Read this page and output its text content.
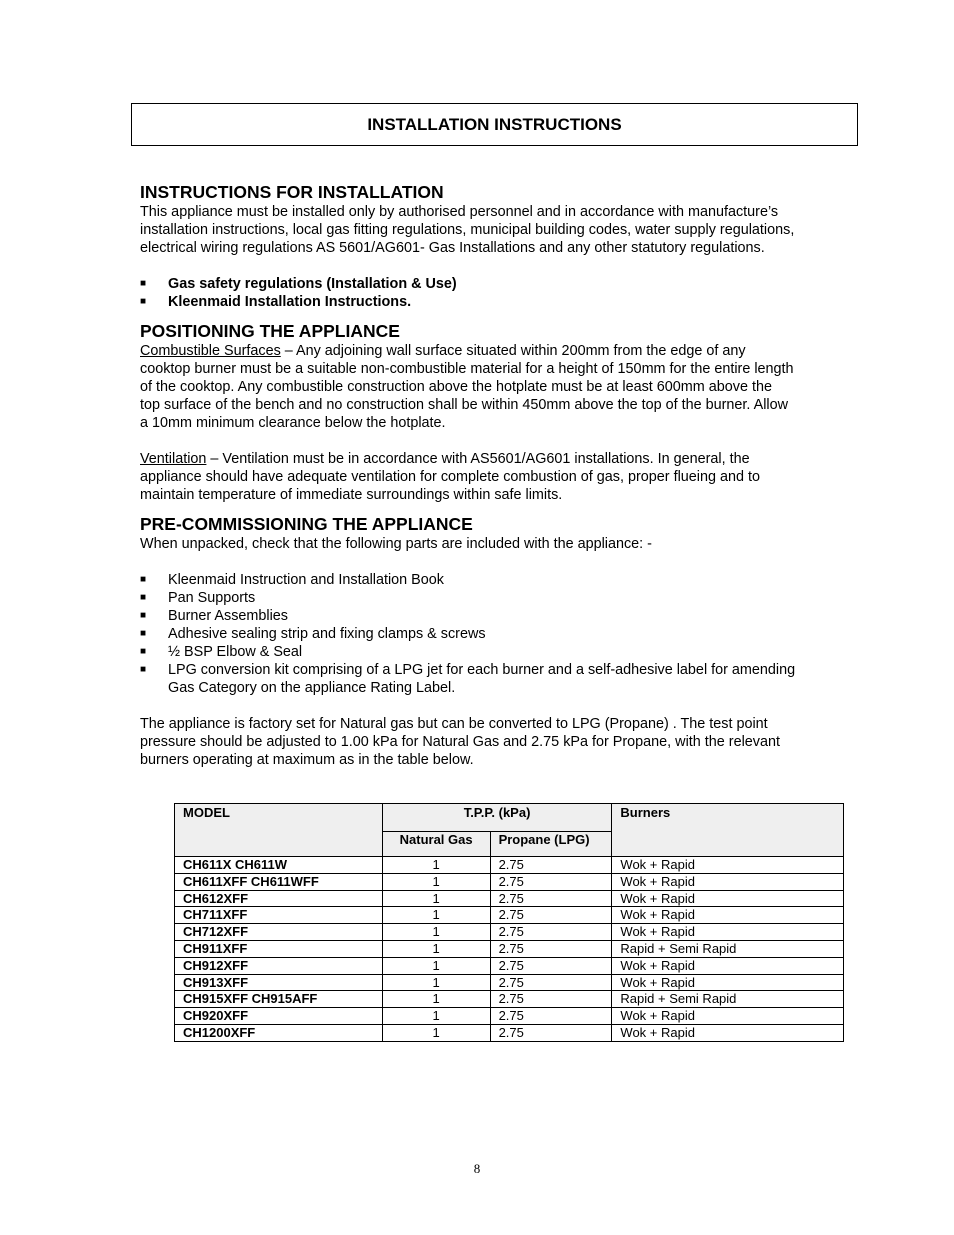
INSTALLATION INSTRUCTIONS
INSTRUCTIONS FOR INSTALLATION

This appliance must be installed only by authorised personnel and in accordance with manufacture’s
installation instructions, local gas fitting regulations, municipal building codes, water supply regulations,
electrical wiring regulations AS 5601/AG601- Gas Installations and any other statutory regulations.

■ Gas safety regulations (Installation & Use)
■ Kleenmaid Installation Instructions.
POSITIONING THE APPLIANCE

Combustible Surfaces – Any adjoining wall surface situated within 200mm from the edge of any
cooktop burner must be a suitable non-combustible material for a height of 150mm for the entire length
of the cooktop. Any combustible construction above the hotplate must be at least 600mm above the
top surface of the bench and no construction shall be within 450mm above the top of the burner. Allow
a 10mm minimum clearance below the hotplate.

Ventilation – Ventilation must be in accordance with AS5601/AG601 installations. In general, the
appliance should have adequate ventilation for complete combustion of gas, proper flueing and to
maintain temperature of immediate surroundings within safe limits.

PRE-COMMISSIONING THE APPLIANCE

When unpacked, check that the following parts are included with the appliance: -

■ Kleenmaid Instruction and Installation Book
■ Pan Supports
■ Burner Assemblies
■ Adhesive sealing strip and fixing clamps & screws
■ ½ BSP Elbow & Seal
■ LPG conversion kit comprising of a LPG jet for each burner and a self-adhesive label for amending
Gas Category on the appliance Rating Label.

The appliance is factory set for Natural gas but can be converted to LPG (Propane) . The test point
pressure should be adjusted to 1.00 kPa for Natural Gas and 2.75 kPa for Propane, with the relevant
burners operating at maximum as in the table below.

MODEL	T.P.P. (kPa)		Burners
	Natural Gas	Propane (LPG)	
CH611X CH611W	1	2.75	Wok + Rapid
CH611XFF CH611WFF	1	2.75	Wok + Rapid
CH612XFF	1	2.75	Wok + Rapid
CH711XFF	1	2.75	Wok + Rapid
CH712XFF	1	2.75	Wok + Rapid
CH911XFF	1	2.75	Rapid + Semi Rapid
CH912XFF	1	2.75	Wok + Rapid
CH913XFF	1	2.75	Wok + Rapid
CH915XFF CH915AFF	1	2.75	Rapid + Semi Rapid
CH920XFF	1	2.75	Wok + Rapid
CH1200XFF	1	2.75	Wok + Rapid
8
